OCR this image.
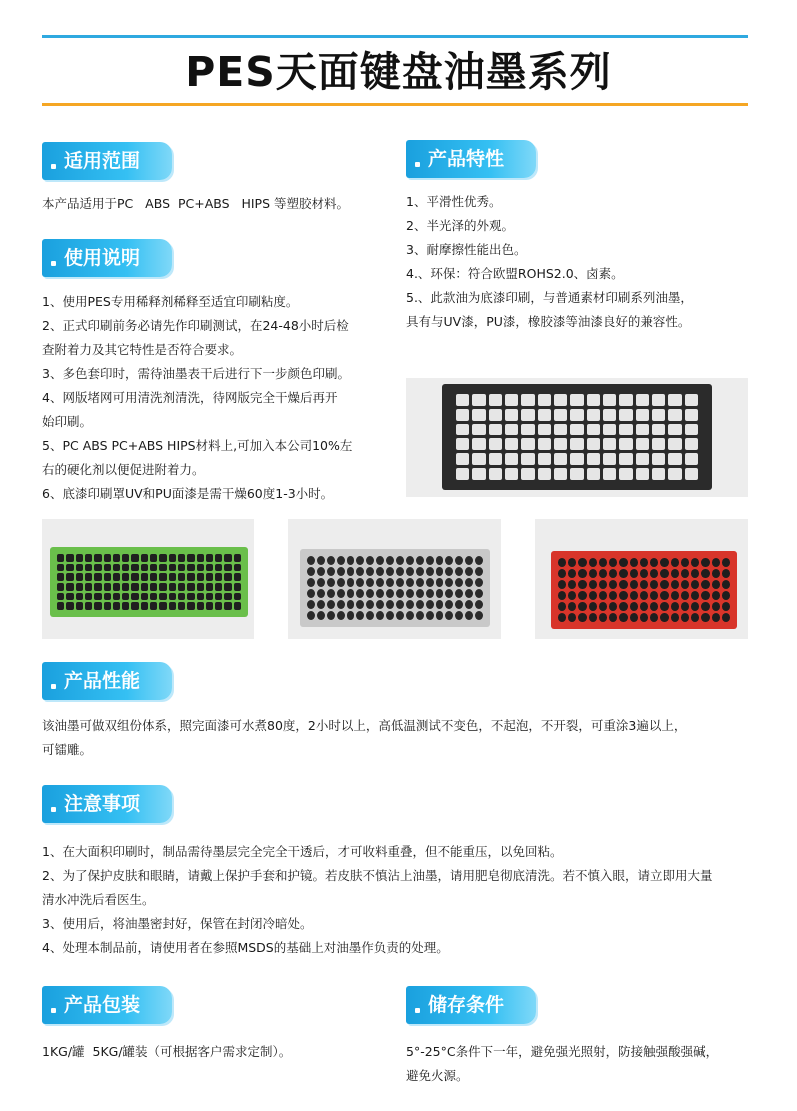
PES天面键盘油墨系列
适用范围

本产品适用于PC   ABS  PC+ABS   HIPS 等塑胶材料。

产品特性

1、平滑性优秀。

2、半光泽的外观。

3、耐摩擦性能出色。

4.、环保：符合欧盟ROHS2.0、卤素。

5.、此款油为底漆印刷，与普通素材印刷系列油墨，

具有与UV漆，PU漆，橡胶漆等油漆良好的兼容性。

使用说明

1、使用PES专用稀释剂稀释至适宜印刷粘度。

2、正式印刷前务必请先作印刷测试，在24-48小时后检

查附着力及其它特性是否符合要求。

3、多色套印时，需待油墨表干后进行下一步颜色印刷。

4、网版堵网可用清洗剂清洗，待网版完全干燥后再开

始印刷。

5、PC ABS PC+ABS HIPS材料上,可加入本公司10%左

右的硬化剂以便促进附着力。

6、底漆印刷罩UV和PU面漆是需干燥60度1-3小时。

产品性能

该油墨可做双组份体系，照完面漆可水煮80度，2小时以上，高低温测试不变色，不起泡，不开裂，可重涂3遍以上，

可镭雕。

注意事项

1、在大面积印刷时，制品需待墨层完全完全干透后，才可收料重叠，但不能重压，以免回粘。

2、为了保护皮肤和眼睛，请戴上保护手套和护镜。若皮肤不慎沾上油墨，请用肥皂彻底清洗。若不慎入眼，请立即用大量

清水冲洗后看医生。

3、使用后，将油墨密封好，保管在封闭冷暗处。

4、处理本制品前，请使用者在参照MSDS的基础上对油墨作负责的处理。

产品包装

1KG/罐  5KG/罐装（可根据客户需求定制）。

储存条件

5°-25°C条件下一年，避免强光照射，防接触强酸强碱，

避免火源。
